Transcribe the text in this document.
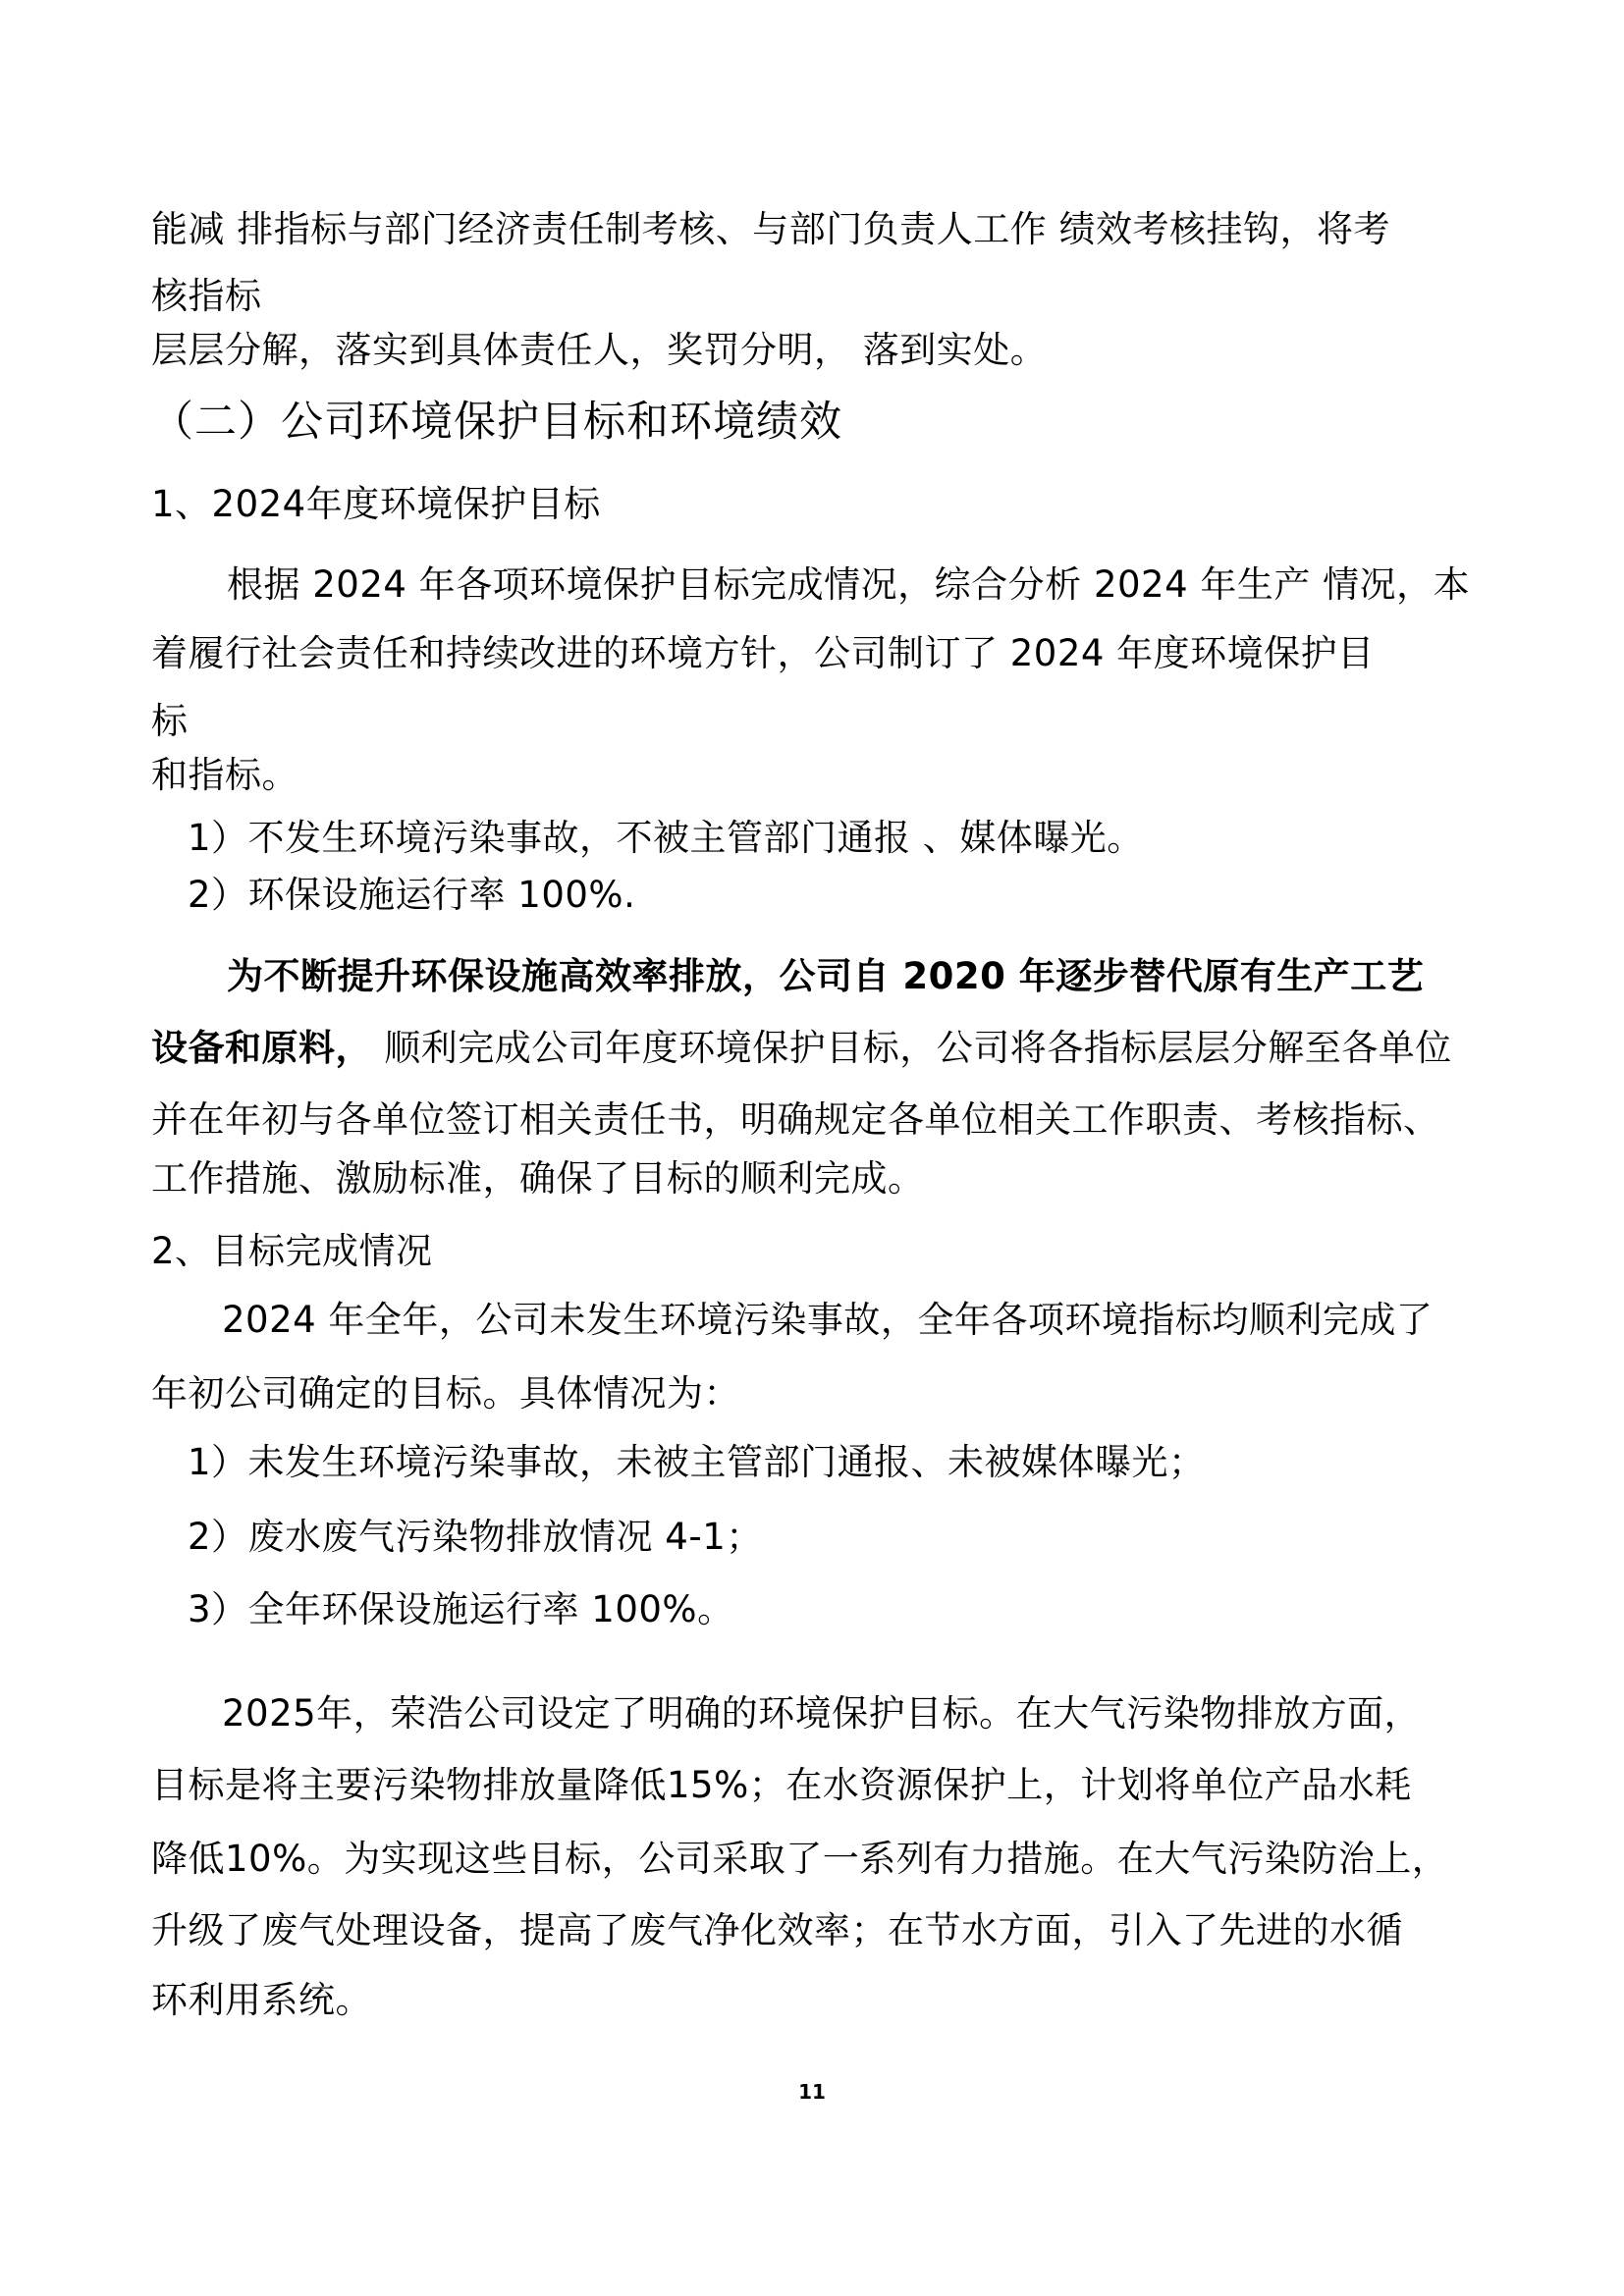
能减 排指标与部门经济责任制考核、与部门负责人工作 绩效考核挂钩，将考
核指标
层层分解，落实到具体责任人，奖罚分明， 落到实处。
（二）公司环境保护目标和环境绩效
1、2024年度环境保护目标
根据 2024 年各项环境保护目标完成情况，综合分析 2024 年生产 情况，本
着履行社会责任和持续改进的环境方针，公司制订了 2024 年度环境保护目
标
和指标。
1）不发生环境污染事故，不被主管部门通报 、媒体曝光。
2）环保设施运行率 100%.
为不断提升环保设施高效率排放，公司自 2020 年逐步替代原有生产工艺
设备和原料， 顺利完成公司年度环境保护目标，公司将各指标层层分解至各单位
并在年初与各单位签订相关责任书，明确规定各单位相关工作职责、考核指标、
工作措施、激励标准，确保了目标的顺利完成。
2、目标完成情况
2024 年全年，公司未发生环境污染事故，全年各项环境指标均顺利完成了
年初公司确定的目标。具体情况为：
1）未发生环境污染事故，未被主管部门通报、未被媒体曝光；
2）废水废气污染物排放情况 4-1；
3）全年环保设施运行率 100%。
2025年，荣浩公司设定了明确的环境保护目标。在大气污染物排放方面，
目标是将主要污染物排放量降低15%；在水资源保护上，计划将单位产品水耗
降低10%。为实现这些目标，公司采取了一系列有力措施。在大气污染防治上，
升级了废气处理设备，提高了废气净化效率；在节水方面，引入了先进的水循
环利用系统。
11
